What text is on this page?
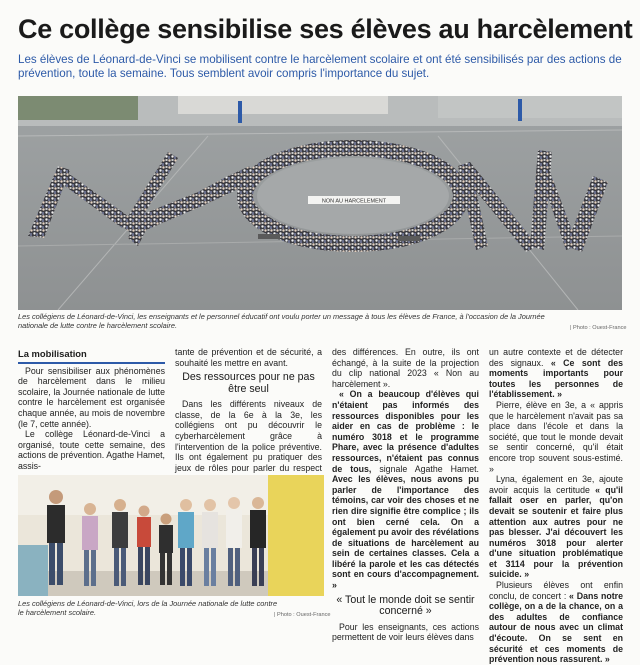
Ce collège sensibilise ses élèves au harcèlement

Les élèves de Léonard-de-Vinci se mobilisent contre le harcèlement scolaire et ont été sensibilisés par des actions de prévention, toute la semaine. Tous semblent avoir compris l'importance du sujet.

NON AU HARCELEMENT

Les collégiens de Léonard-de-Vinci, les enseignants et le personnel éducatif ont voulu porter un message à tous les élèves de France, à l'occasion de la Journée nationale de lutte contre le harcèlement scolaire.	| Photo : Ouest-France
La mobilisation

Pour sensibiliser aux phénomènes de harcèlement dans le milieu scolaire, la Journée nationale de lutte contre le harcèlement est organisée chaque année, au mois de novembre (le 7, cette année).

Le collège Léonard-de-Vinci a organisé, toute cette semaine, des actions de prévention. Agathe Hamet, assis-

tante de prévention et de sécurité, a souhaité les mettre en avant.

Des ressources pour ne pas être seul

Dans les différents niveaux de classe, de la 6e à la 3e, les collégiens ont pu découvrir le cyberharcèlement grâce à l'intervention de la police préventive. Ils ont également pu pratiquer des jeux de rôles pour parler du respect

Les collégiens de Léonard-de-Vinci, lors de la Journée nationale de lutte contre le harcèlement scolaire.	| Photo : Ouest-France

des différences. En outre, ils ont échangé, à la suite de la projection du clip national 2023 « Non au harcèlement ».

« On a beaucoup d'élèves qui n'étaient pas informés des ressources disponibles pour les aider en cas de problème : le numéro 3018 et le programme Phare, avec la présence d'adultes ressources, n'étaient pas connus de tous, signale Agathe Hamet. Avec les élèves, nous avons pu parler de l'importance des témoins, car voir des choses et ne rien dire signifie être complice ; ils ont bien cerné cela. On a également pu avoir des révélations de situations de harcèlement au sein de certaines classes. Cela a libéré la parole et les cas détectés sont en cours d'accompagnement. »

« Tout le monde doit se sentir concerné »

Pour les enseignants, ces actions permettent de voir leurs élèves dans

un autre contexte et de détecter des signaux. « Ce sont des moments importants pour toutes les personnes de l'établissement. »

Pierre, élève en 3e, a « appris que le harcèlement n'avait pas sa place dans l'école et dans la société, que tout le monde devait se sentir concerné, qu'il était encore trop souvent sous-estimé. »

Lyna, également en 3e, ajoute avoir acquis la certitude « qu'il fallait oser en parler, qu'on devait se soutenir et faire plus attention aux autres pour ne pas blesser. J'ai découvert les numéros 3018 pour alerter d'une situation problématique et 3114 pour la prévention suicide. »

Plusieurs élèves ont enfin conclu, de concert : « Dans notre collège, on a de la chance, on a des adultes de confiance autour de nous avec un climat d'écoute. On se sent en sécurité et ces moments de prévention nous rassurent. »
